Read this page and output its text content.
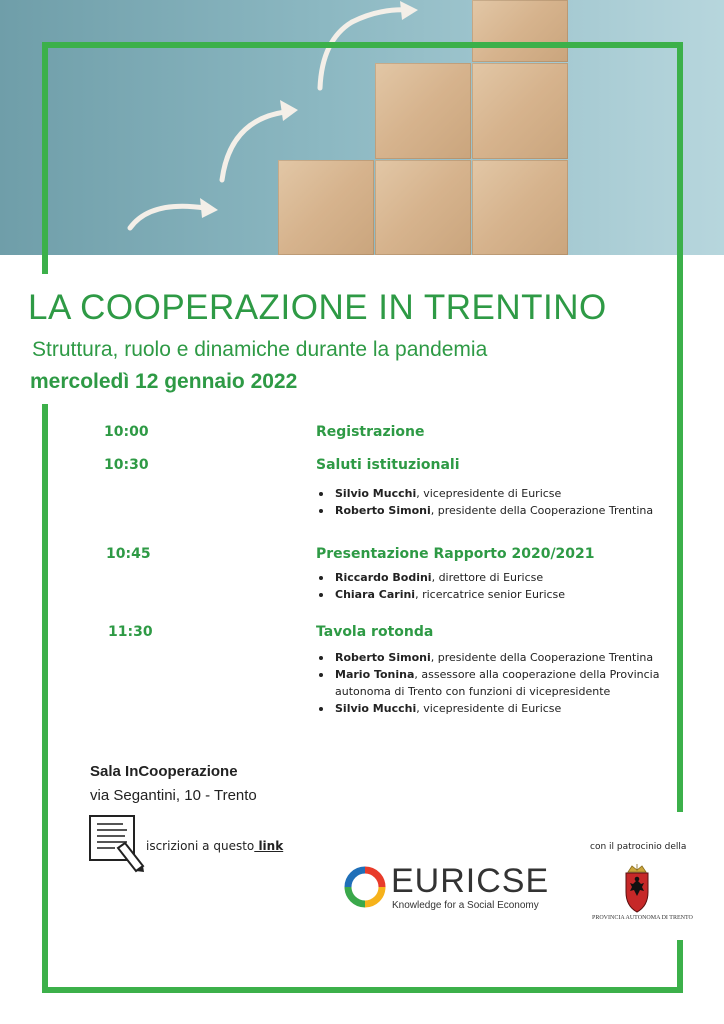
LA COOPERAZIONE IN TRENTINO
Struttura, ruolo e dinamiche durante la pandemia
mercoledì 12 gennaio 2022
10:00	Registrazione
10:30	Saluti istituzionali
Silvio Mucchi, vicepresidente di Euricse
Roberto Simoni, presidente della Cooperazione Trentina
10:45	Presentazione Rapporto 2020/2021
Riccardo Bodini, direttore di Euricse
Chiara Carini, ricercatrice senior Euricse
11:30	Tavola rotonda
Roberto Simoni, presidente della Cooperazione Trentina
Mario Tonina, assessore alla cooperazione della Provincia
autonoma di Trento con funzioni di vicepresidente
Silvio Mucchi, vicepresidente di Euricse
Sala InCooperazione
via Segantini, 10 - Trento
iscrizioni a questo link	con il patrocinio della
EURICSE
Knowledge for a Social Economy
PROVINCIA AUTONOMA DI TRENTO
